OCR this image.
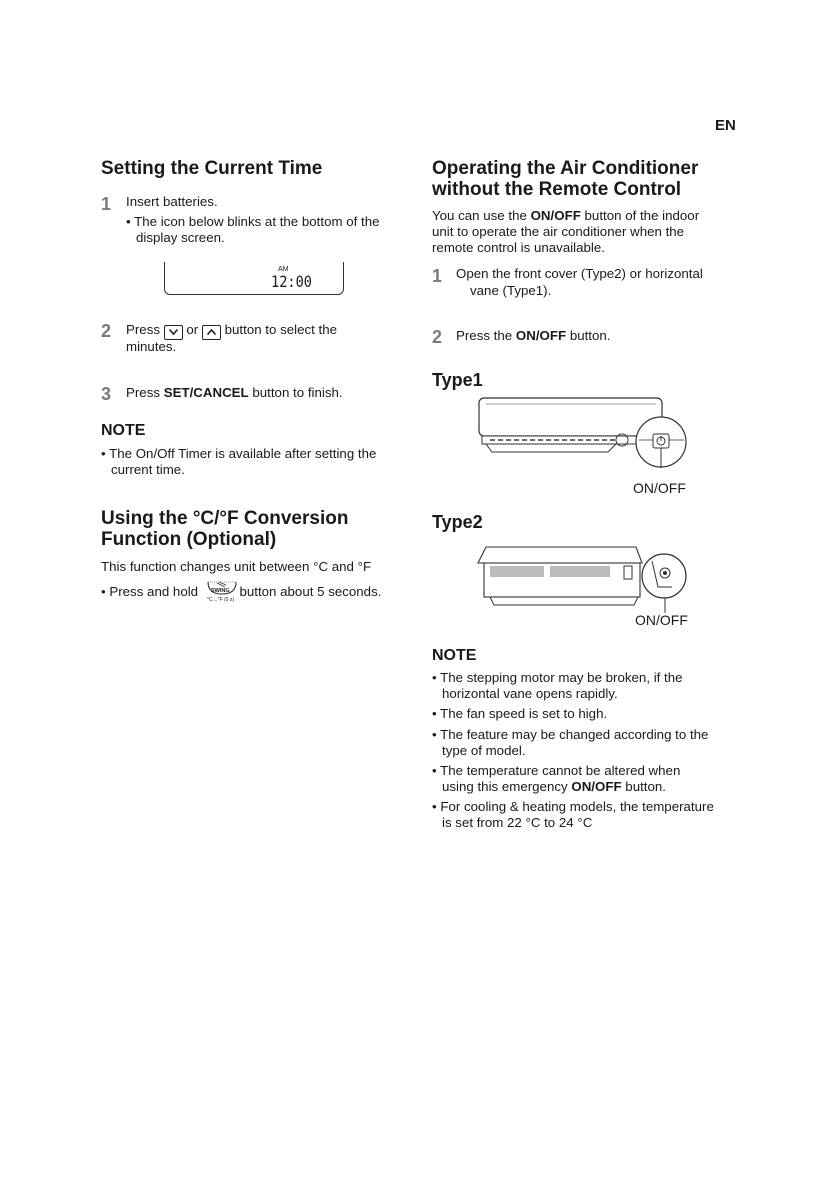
EN
Setting the Current Time
1	Insert batteries.
• The icon below blinks at the bottom of the
display screen.
AM
12:00
2	Press or button to select the
minutes.
3	Press SET/CANCEL button to finish.
NOTE
• The On/Off Timer is available after setting the
current time.
Using the °C/°F Conversion
Function (Optional)
This function changes unit between °C and °F
• Press and hold	button about 5 seconds.
SWING
°C↔°F (5 s)
Operating the Air Conditioner
without the Remote Control
You can use the ON/OFF button of the indoor
unit to operate the air conditioner when the
remote control is unavailable.
1	Open the front cover (Type2) or horizontal
vane (Type1).
2	Press the ON/OFF button.
Type1
ON/OFF
Type2
ON/OFF
NOTE
• The stepping motor may be broken, if the
horizontal vane opens rapidly.
• The fan speed is set to high.
• The feature may be changed according to the
type of model.
• The temperature cannot be altered when
using this emergency ON/OFF button.
• For cooling & heating models, the temperature
is set from 22 °C to 24 °C
